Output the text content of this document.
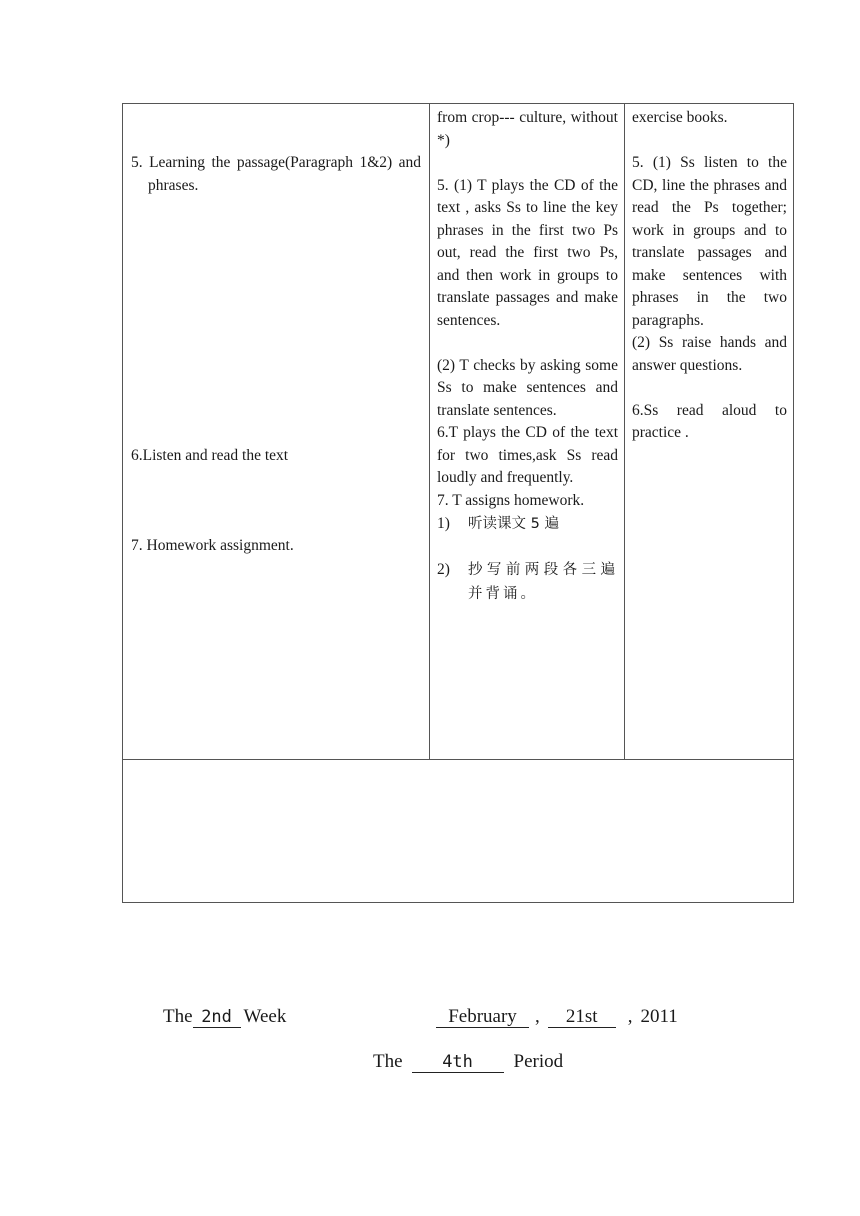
5. Learning the passage(Paragraph 1&2) and phrases.

6.Listen and read the text

7. Homework assignment.

from crop--- culture, without *)

5. (1) T plays the CD of the text , asks Ss to line the key phrases in the first two Ps out, read the first two Ps, and then work in groups to translate passages and make sentences.

(2) T checks by asking some Ss to make sentences and translate sentences.

6.T plays the CD of the text for two times,ask Ss read loudly and frequently.

7. T assigns homework.

1) 听读课文 5 遍
2) 抄写前两段各三遍并背诵。

exercise books.

5. (1) Ss listen to the CD, line the phrases and read the Ps together; work in groups and to translate passages and make sentences with phrases in the two paragraphs.

(2) Ss raise hands and answer questions.

6.Ss read aloud to practice .

The 2nd Week	February , 21st , 2011
The 4th Period
